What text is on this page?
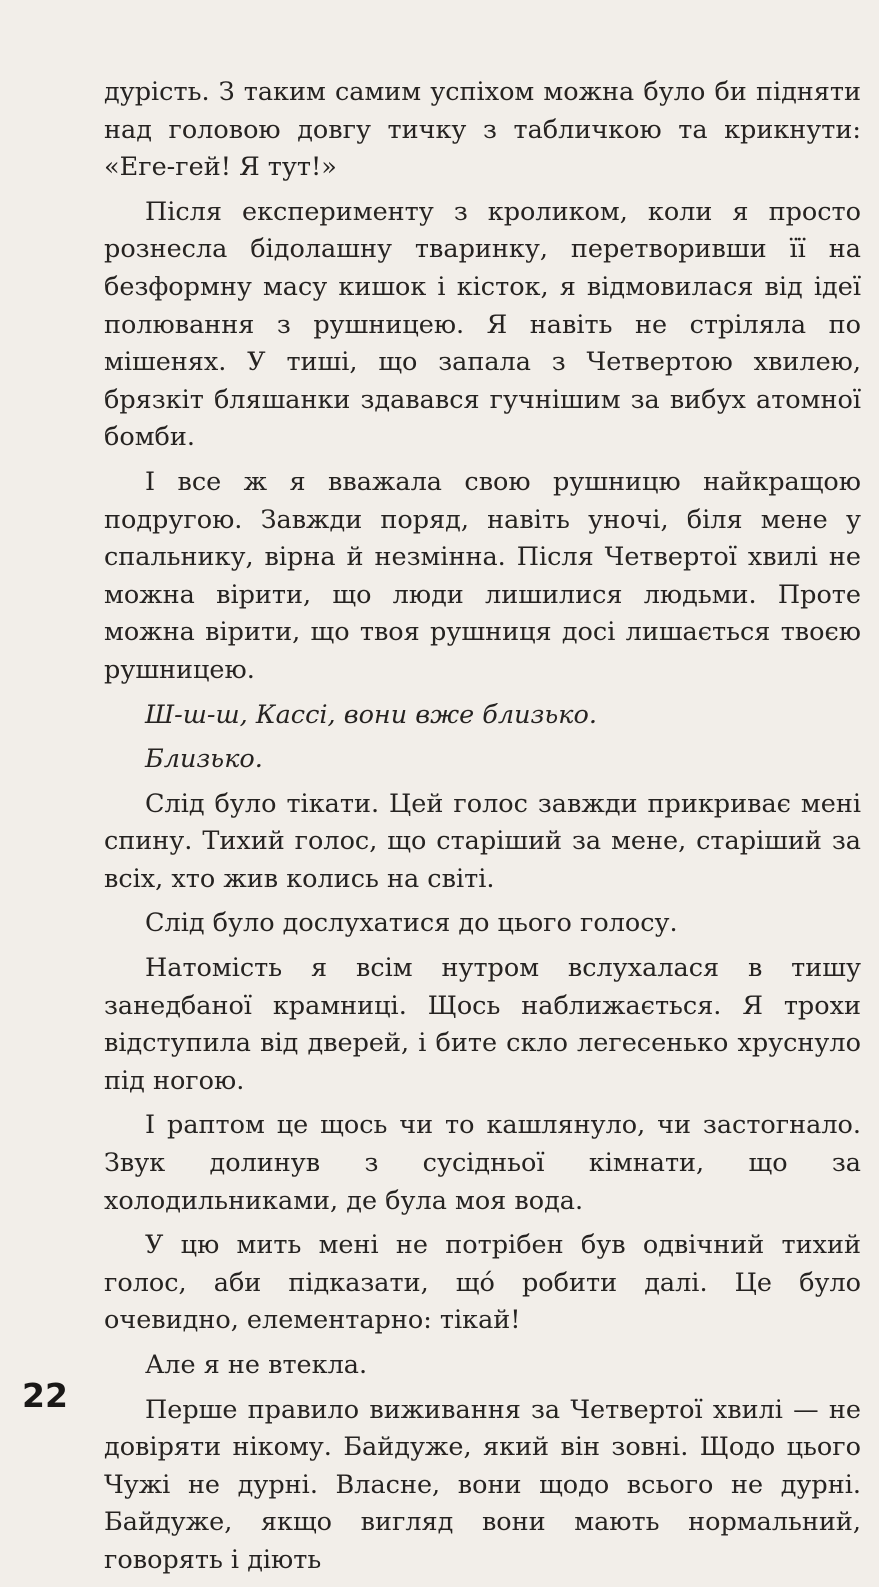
дурість. З таким самим успіхом можна було би підняти над головою довгу тичку з табличкою та крикнути: «Еге-гей! Я тут!»

Після експерименту з кроликом, коли я просто рознесла бідолашну тваринку, перетворивши її на безформну масу кишок і кісток, я відмовилася від ідеї полювання з рушницею. Я навіть не стріляла по мішенях. У тиші, що запала з Четвертою хвилею, брязкіт бляшанки здавався гучнішим за вибух атомної бомби.

І все ж я вважала свою рушницю найкращою подругою. Завжди поряд, навіть уночі, біля мене у спальнику, вірна й незмінна. Після Четвертої хвилі не можна вірити, що люди лишилися людьми. Проте можна вірити, що твоя рушниця досі лишається твоєю рушницею.

Ш-ш-ш, Кассі, вони вже близько.

Близько.

Слід було тікати. Цей голос завжди прикриває мені спину. Тихий голос, що старіший за мене, старіший за всіх, хто жив колись на світі.

Слід було дослухатися до цього голосу.

Натомість я всім нутром вслухалася в тишу занедбаної крамниці. Щось наближається. Я трохи відступила від дверей, і бите скло легесенько хруснуло під ногою.

І раптом це щось чи то кашлянуло, чи застогнало. Звук долинув з сусідньої кімнати, що за холодильниками, де була моя вода.

У цю мить мені не потрібен був одвічний тихий голос, аби підказати, щó робити далі. Це було очевидно, елементарно: тікай!

Але я не втекла.

Перше правило виживання за Четвертої хвилі — не довіряти нікому. Байдуже, який він зовні. Щодо цього Чужі не дурні. Власне, вони щодо всього не дурні. Байдуже, якщо вигляд вони мають нормальний, говорять і діють

22
